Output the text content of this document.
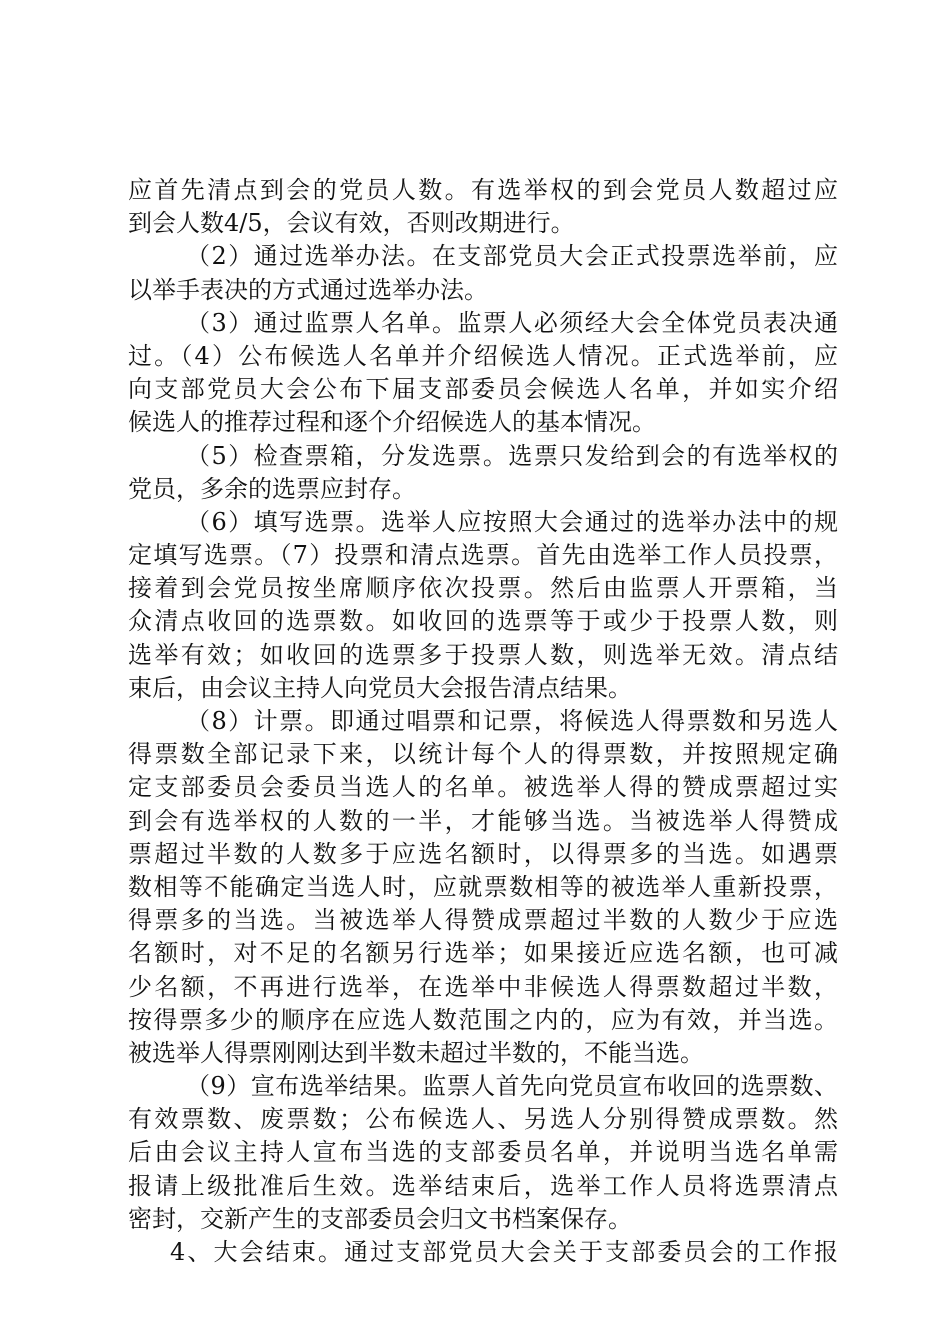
应首先清点到会的党员人数。有选举权的到会党员人数超过应
到会人数4/5，会议有效，否则改期进行。
（2）通过选举办法。在支部党员大会正式投票选举前，应
以举手表决的方式通过选举办法。
（3）通过监票人名单。监票人必须经大会全体党员表决通
过。（4）公布候选人名单并介绍候选人情况。正式选举前，应
向支部党员大会公布下届支部委员会候选人名单，并如实介绍
候选人的推荐过程和逐个介绍候选人的基本情况。
（5）检查票箱，分发选票。选票只发给到会的有选举权的
党员，多余的选票应封存。
（6）填写选票。选举人应按照大会通过的选举办法中的规
定填写选票。（7）投票和清点选票。首先由选举工作人员投票，
接着到会党员按坐席顺序依次投票。然后由监票人开票箱，当
众清点收回的选票数。如收回的选票等于或少于投票人数，则
选举有效；如收回的选票多于投票人数，则选举无效。清点结
束后，由会议主持人向党员大会报告清点结果。
（8）计票。即通过唱票和记票，将候选人得票数和另选人
得票数全部记录下来，以统计每个人的得票数，并按照规定确
定支部委员会委员当选人的名单。被选举人得的赞成票超过实
到会有选举权的人数的一半，才能够当选。当被选举人得赞成
票超过半数的人数多于应选名额时，以得票多的当选。如遇票
数相等不能确定当选人时，应就票数相等的被选举人重新投票，
得票多的当选。当被选举人得赞成票超过半数的人数少于应选
名额时，对不足的名额另行选举；如果接近应选名额，也可减
少名额，不再进行选举，在选举中非候选人得票数超过半数，
按得票多少的顺序在应选人数范围之内的，应为有效，并当选。
被选举人得票刚刚达到半数未超过半数的，不能当选。
（9）宣布选举结果。监票人首先向党员宣布收回的选票数、
有效票数、废票数；公布候选人、另选人分别得赞成票数。然
后由会议主持人宣布当选的支部委员名单，并说明当选名单需
报请上级批准后生效。选举结束后，选举工作人员将选票清点
密封，交新产生的支部委员会归文书档案保存。
4、大会结束。通过支部党员大会关于支部委员会的工作报
